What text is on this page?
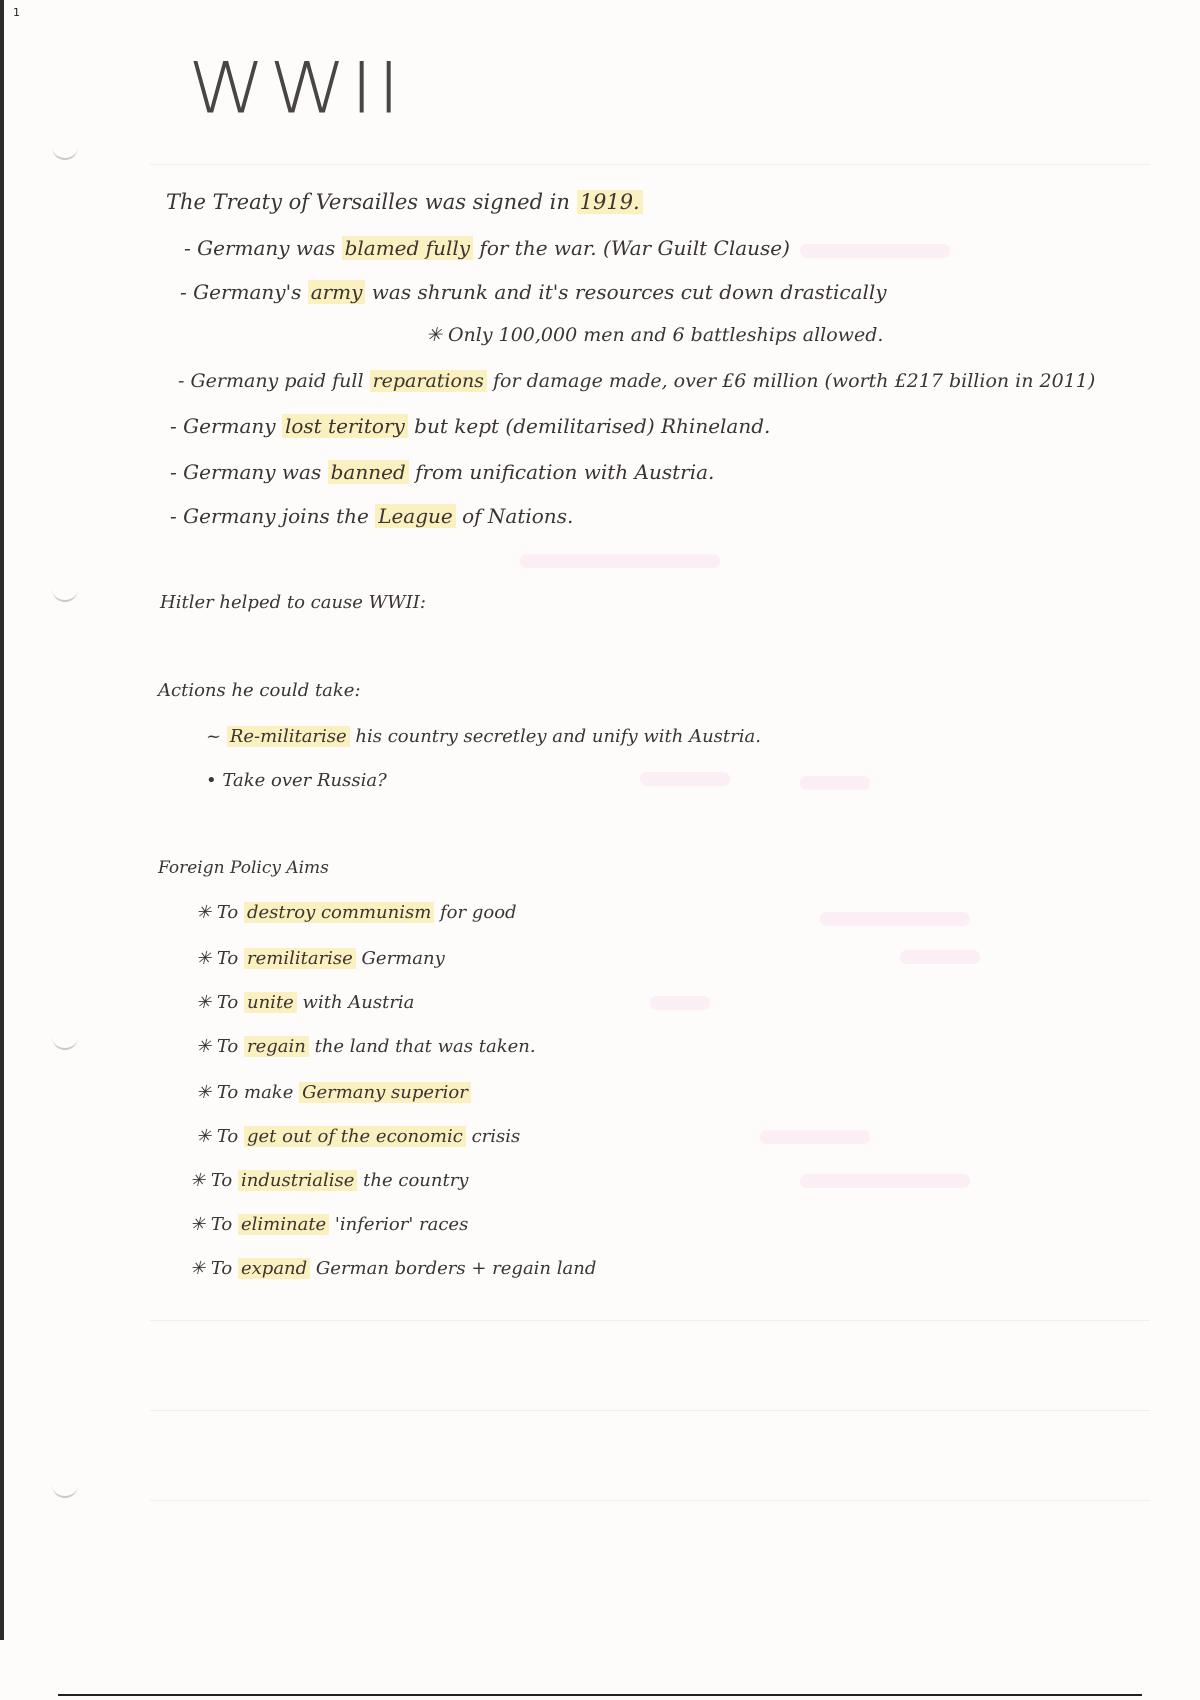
1
WWII
The Treaty of Versailles was signed in 1919.
- Germany was blamed fully for the war. (War Guilt Clause)
- Germany's army was shrunk and it's resources cut down drastically
✳ Only 100,000 men and 6 battleships allowed.
- Germany paid full reparations for damage made, over £6 million (worth £217 billion in 2011)
- Germany lost teritory but kept (demilitarised) Rhineland.
- Germany was banned from unification with Austria.
- Germany joins the League of Nations.
Hitler helped to cause WWII:
Actions he could take:
~ Re-militarise his country secretley and unify with Austria.
• Take over Russia?
Foreign Policy Aims
✳ To destroy communism for good
✳ To remilitarise Germany
✳ To unite with Austria
✳ To regain the land that was taken.
✳ To make Germany superior
✳ To get out of the economic crisis
✳ To industrialise the country
✳ To eliminate 'inferior' races
✳ To expand German borders + regain land
